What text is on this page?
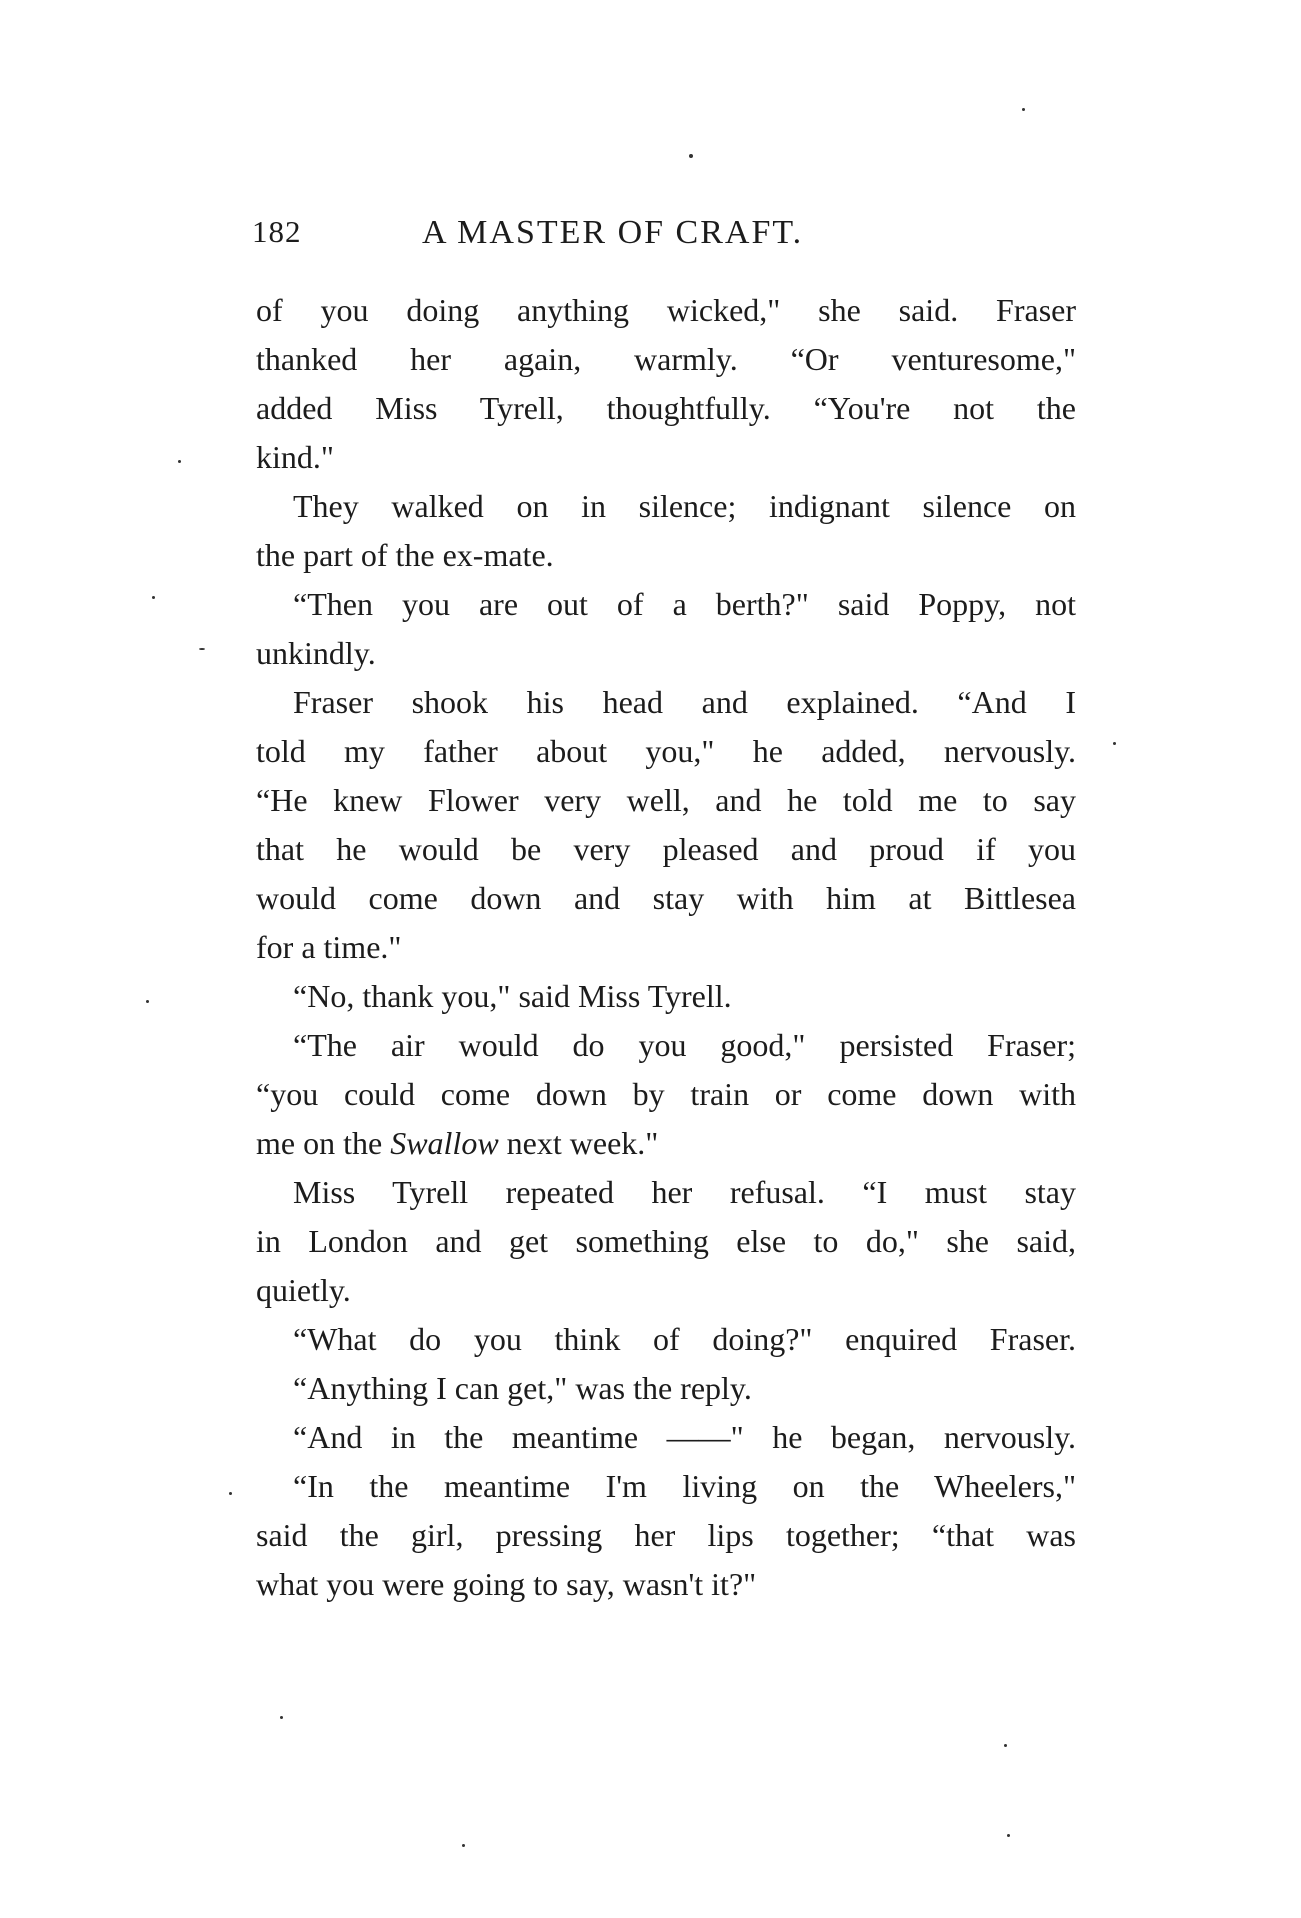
182	A MASTER OF CRAFT.
of you doing anything wicked," she said. Fraser
thanked her again, warmly. “Or venturesome,"
added Miss Tyrell, thoughtfully. “You're not the
kind."
They walked on in silence; indignant silence on
the part of the ex-mate.
“Then you are out of a berth?" said Poppy, not
unkindly.
Fraser shook his head and explained. “And I
told my father about you," he added, nervously.
“He knew Flower very well, and he told me to say
that he would be very pleased and proud if you
would come down and stay with him at Bittlesea
for a time."
“No, thank you," said Miss Tyrell.
“The air would do you good," persisted Fraser;
“you could come down by train or come down with
me on the Swallow next week."
Miss Tyrell repeated her refusal. “I must stay
in London and get something else to do," she said,
quietly.
“What do you think of doing?" enquired Fraser.
“Anything I can get," was the reply.
“And in the meantime ——" he began, nervously.
“In the meantime I'm living on the Wheelers,"
said the girl, pressing her lips together; “that was
what you were going to say, wasn't it?"
